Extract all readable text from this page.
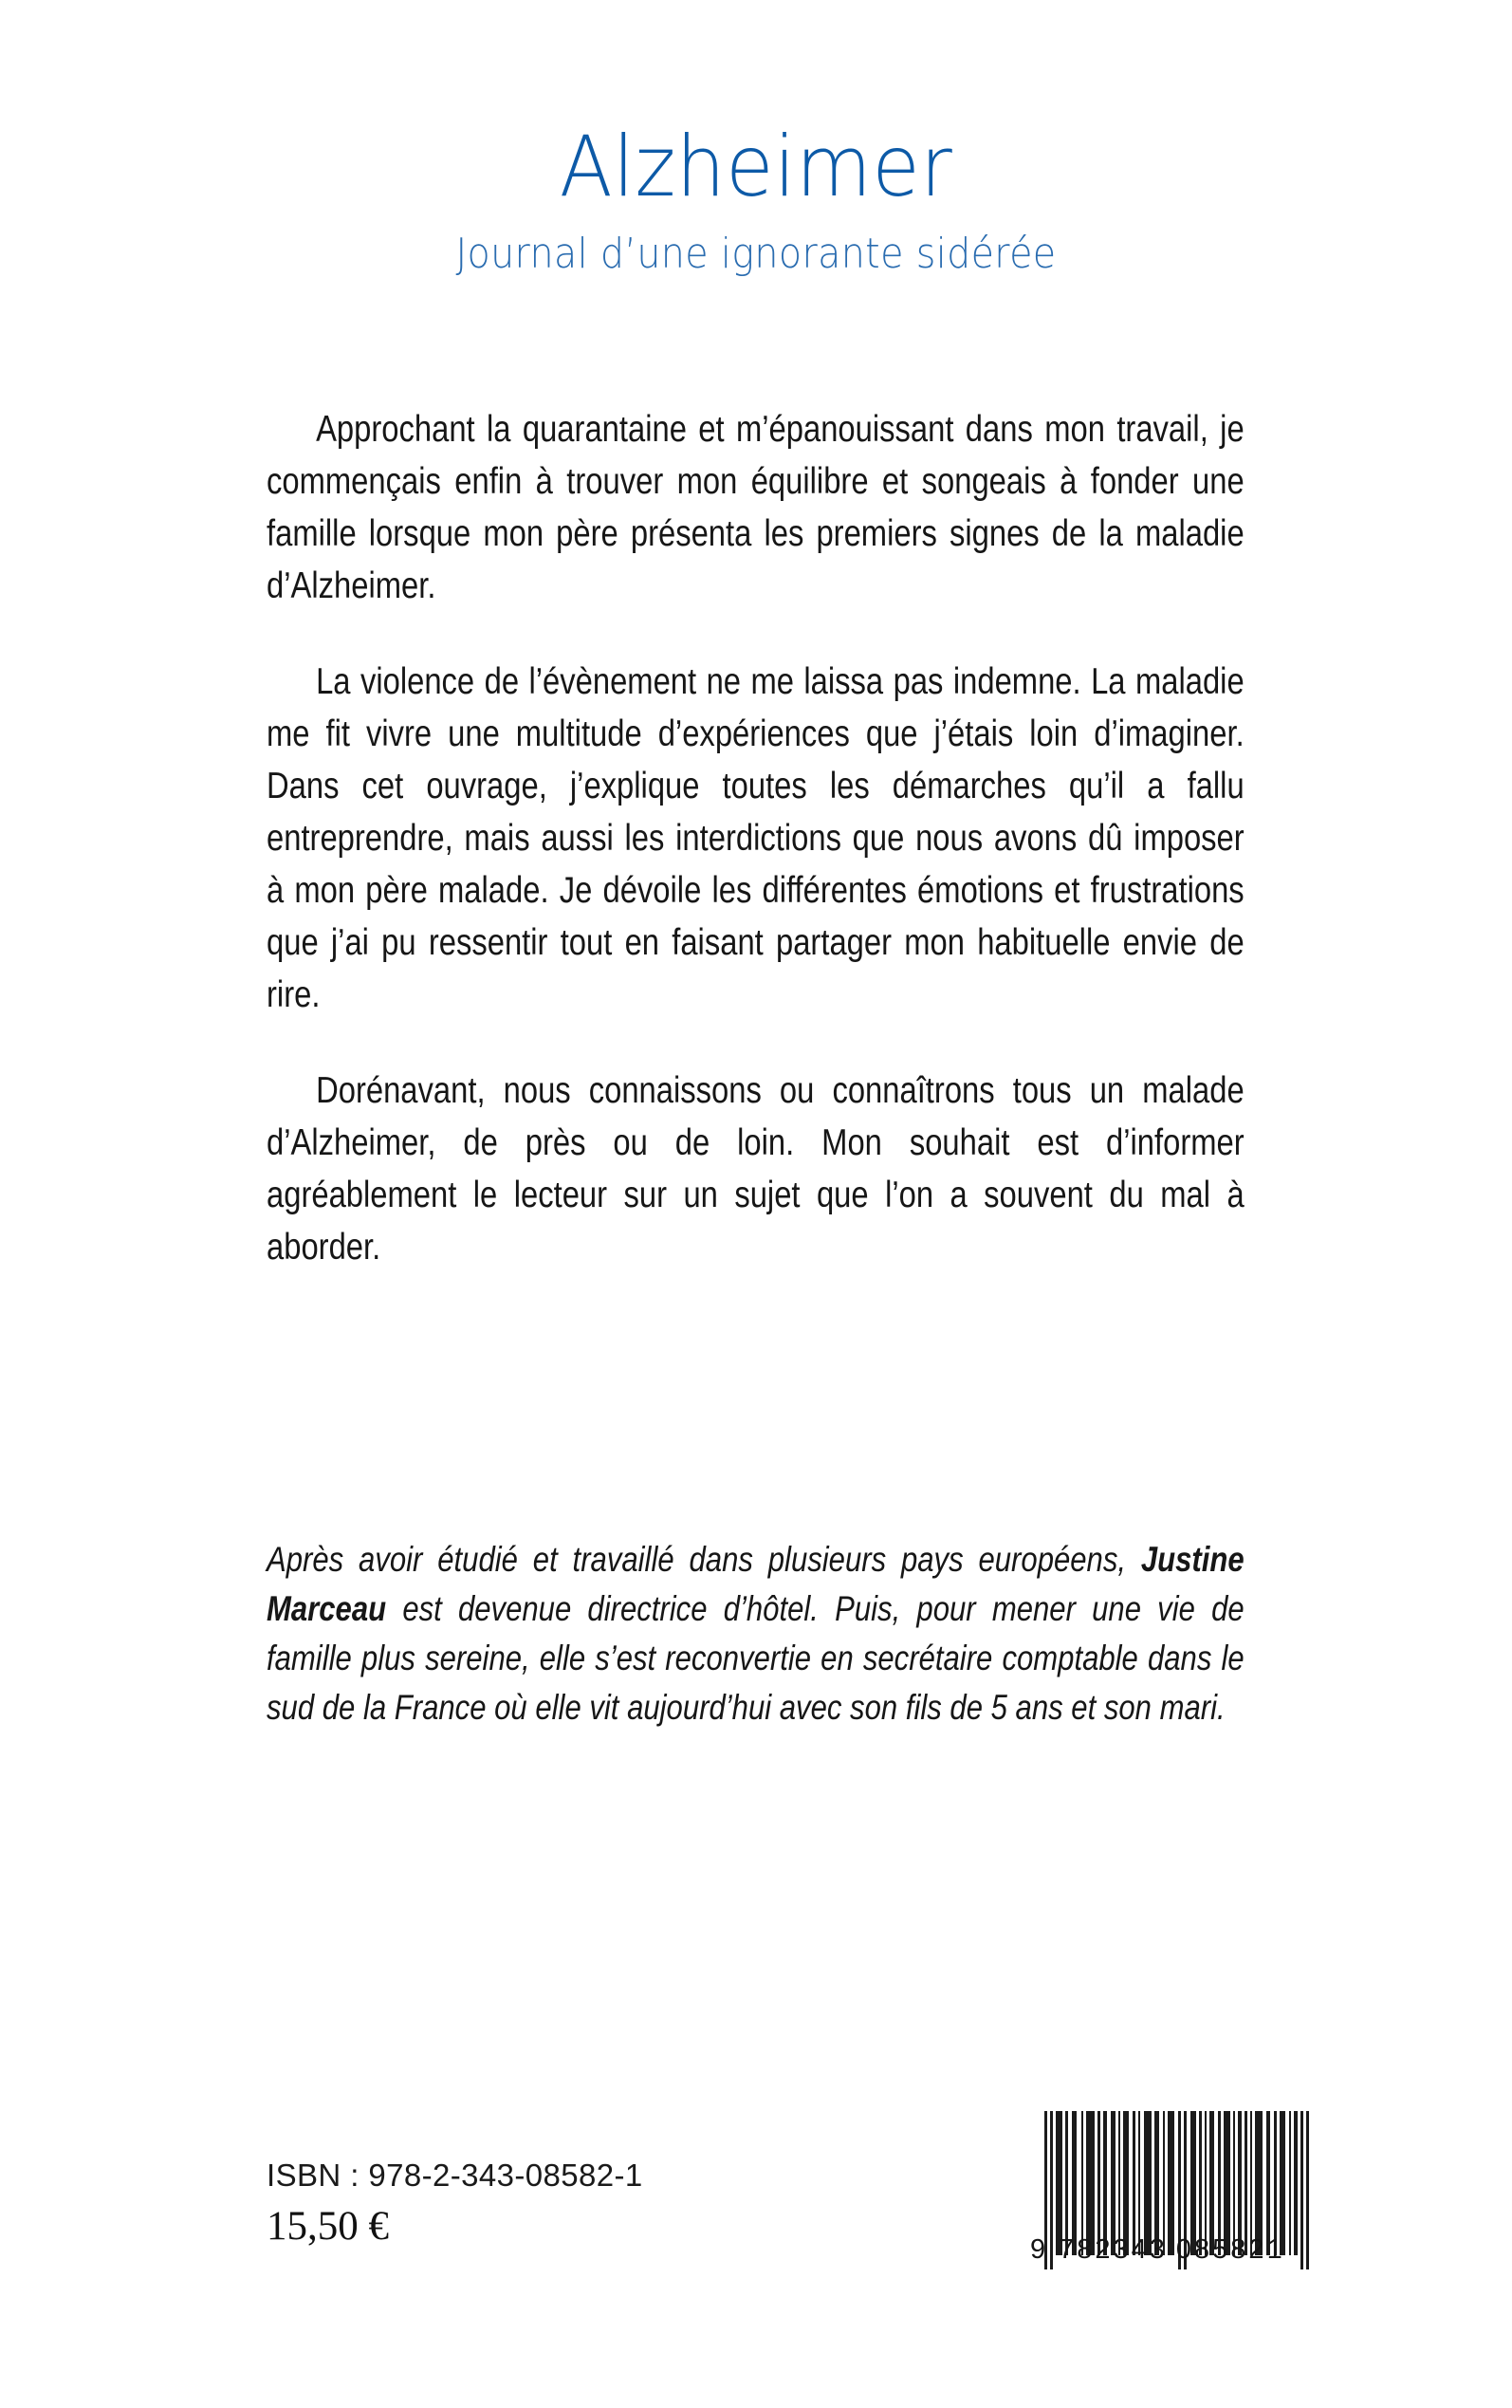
Alzheimer
Journal d’une ignorante sidérée

Approchant la quarantaine et m’épanouissant dans mon travail, je commençais enfin à trouver mon équilibre et songeais à fonder une famille lorsque mon père présenta les premiers signes de la maladie d’Alzheimer.

La violence de l’évènement ne me laissa pas indemne. La maladie me fit vivre une multitude d’expériences que j’étais loin d’imaginer. Dans cet ouvrage, j’explique toutes les démarches qu’il a fallu entreprendre, mais aussi les interdictions que nous avons dû imposer à mon père malade. Je dévoile les différentes émotions et frustrations que j’ai pu ressentir tout en faisant partager mon habituelle envie de rire.

Dorénavant, nous connaissons ou connaîtrons tous un malade d’Alzheimer, de près ou de loin. Mon souhait est d’informer agréablement le lecteur sur un sujet que l’on a souvent du mal à aborder.

Après avoir étudié et travaillé dans plusieurs pays européens, Justine Marceau est devenue directrice d’hôtel. Puis, pour mener une vie de famille plus sereine, elle s’est reconvertie en secrétaire comptable dans le sud de la France où elle vit aujourd’hui avec son fils de 5 ans et son mari.

ISBN : 978-2-343-08582-1
15,50 €
9 782343 085821
